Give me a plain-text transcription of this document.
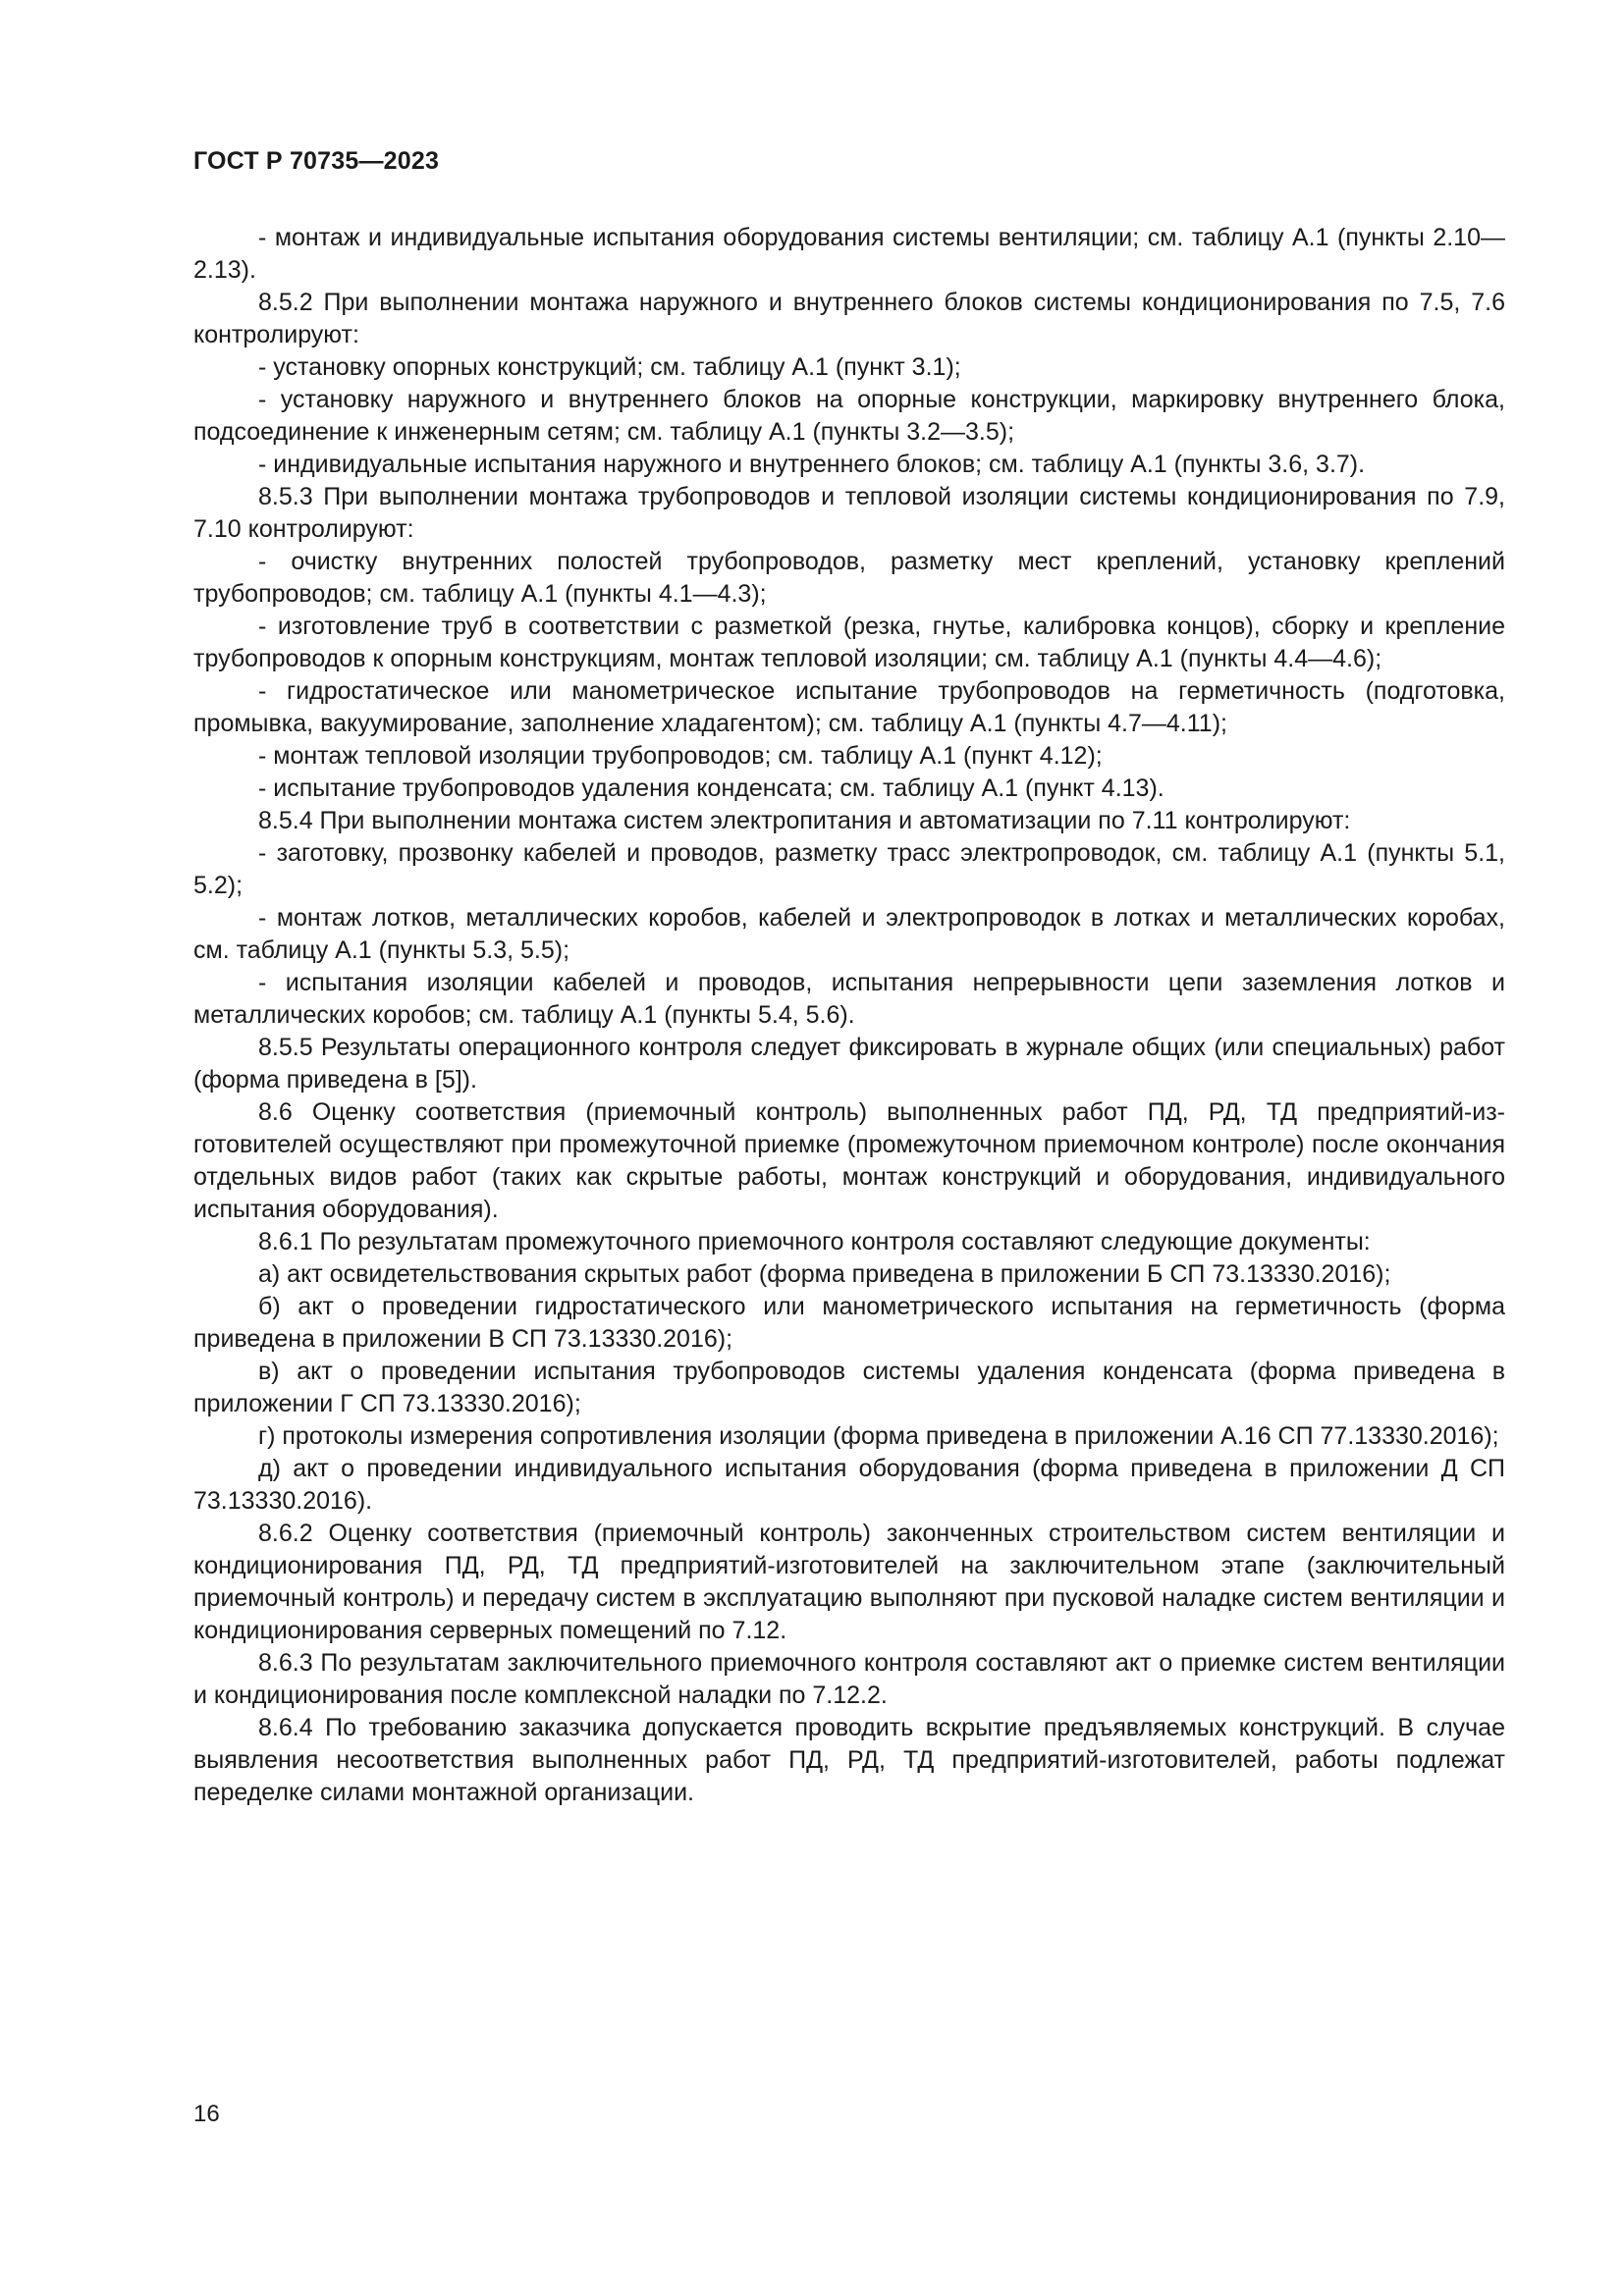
ГОСТ Р 70735—2023

- монтаж и индивидуальные испытания оборудования системы вентиляции; см. таблицу А.1 (пункты 2.10—2.13).

8.5.2 При выполнении монтажа наружного и внутреннего блоков системы кондиционирования по 7.5, 7.6 контролируют:

- установку опорных конструкций; см. таблицу А.1 (пункт 3.1);

- установку наружного и внутреннего блоков на опорные конструкции, маркировку внутреннего блока, подсоединение к инженерным сетям; см. таблицу А.1 (пункты 3.2—3.5);

- индивидуальные испытания наружного и внутреннего блоков; см. таблицу А.1 (пункты 3.6, 3.7).

8.5.3 При выполнении монтажа трубопроводов и тепловой изоляции системы кондиционирования по 7.9, 7.10 контролируют:

- очистку внутренних полостей трубопроводов, разметку мест креплений, установку креплений трубопроводов; см. таблицу А.1 (пункты 4.1—4.3);

- изготовление труб в соответствии с разметкой (резка, гнутье, калибровка концов), сборку и крепление трубопроводов к опорным конструкциям, монтаж тепловой изоляции; см. таблицу А.1 (пункты 4.4—4.6);

- гидростатическое или манометрическое испытание трубопроводов на герметичность (подготовка, промывка, вакуумирование, заполнение хладагентом); см. таблицу А.1 (пункты 4.7—4.11);

- монтаж тепловой изоляции трубопроводов; см. таблицу А.1 (пункт 4.12);

- испытание трубопроводов удаления конденсата; см. таблицу А.1 (пункт 4.13).

8.5.4 При выполнении монтажа систем электропитания и автоматизации по 7.11 контролируют:

- заготовку, прозвонку кабелей и проводов, разметку трасс электропроводок, см. таблицу А.1 (пункты 5.1, 5.2);

- монтаж лотков, металлических коробов, кабелей и электропроводок в лотках и металлических коробах, см. таблицу А.1 (пункты 5.3, 5.5);

- испытания изоляции кабелей и проводов, испытания непрерывности цепи заземления лотков и металлических коробов; см. таблицу А.1 (пункты 5.4, 5.6).

8.5.5 Результаты операционного контроля следует фиксировать в журнале общих (или специальных) работ (форма приведена в [5]).

8.6 Оценку соответствия (приемочный контроль) выполненных работ ПД, РД, ТД предприятий-изготовителей осуществляют при промежуточной приемке (промежуточном приемочном контроле) после окончания отдельных видов работ (таких как скрытые работы, монтаж конструкций и оборудования, индивидуального испытания оборудования).

8.6.1 По результатам промежуточного приемочного контроля составляют следующие документы:

а) акт освидетельствования скрытых работ (форма приведена в приложении Б СП 73.13330.2016);

б) акт о проведении гидростатического или манометрического испытания на герметичность (форма приведена в приложении В СП 73.13330.2016);

в) акт о проведении испытания трубопроводов системы удаления конденсата (форма приведена в приложении Г СП 73.13330.2016);

г) протоколы измерения сопротивления изоляции (форма приведена в приложении А.16 СП 77.13330.2016);

д) акт о проведении индивидуального испытания оборудования (форма приведена в приложении Д СП 73.13330.2016).

8.6.2 Оценку соответствия (приемочный контроль) законченных строительством систем вентиляции и кондиционирования ПД, РД, ТД предприятий-изготовителей на заключительном этапе (заключительный приемочный контроль) и передачу систем в эксплуатацию выполняют при пусковой наладке систем вентиляции и кондиционирования серверных помещений по 7.12.

8.6.3 По результатам заключительного приемочного контроля составляют акт о приемке систем вентиляции и кондиционирования после комплексной наладки по 7.12.2.

8.6.4 По требованию заказчика допускается проводить вскрытие предъявляемых конструкций. В случае выявления несоответствия выполненных работ ПД, РД, ТД предприятий-изготовителей, работы подлежат переделке силами монтажной организации.

16
